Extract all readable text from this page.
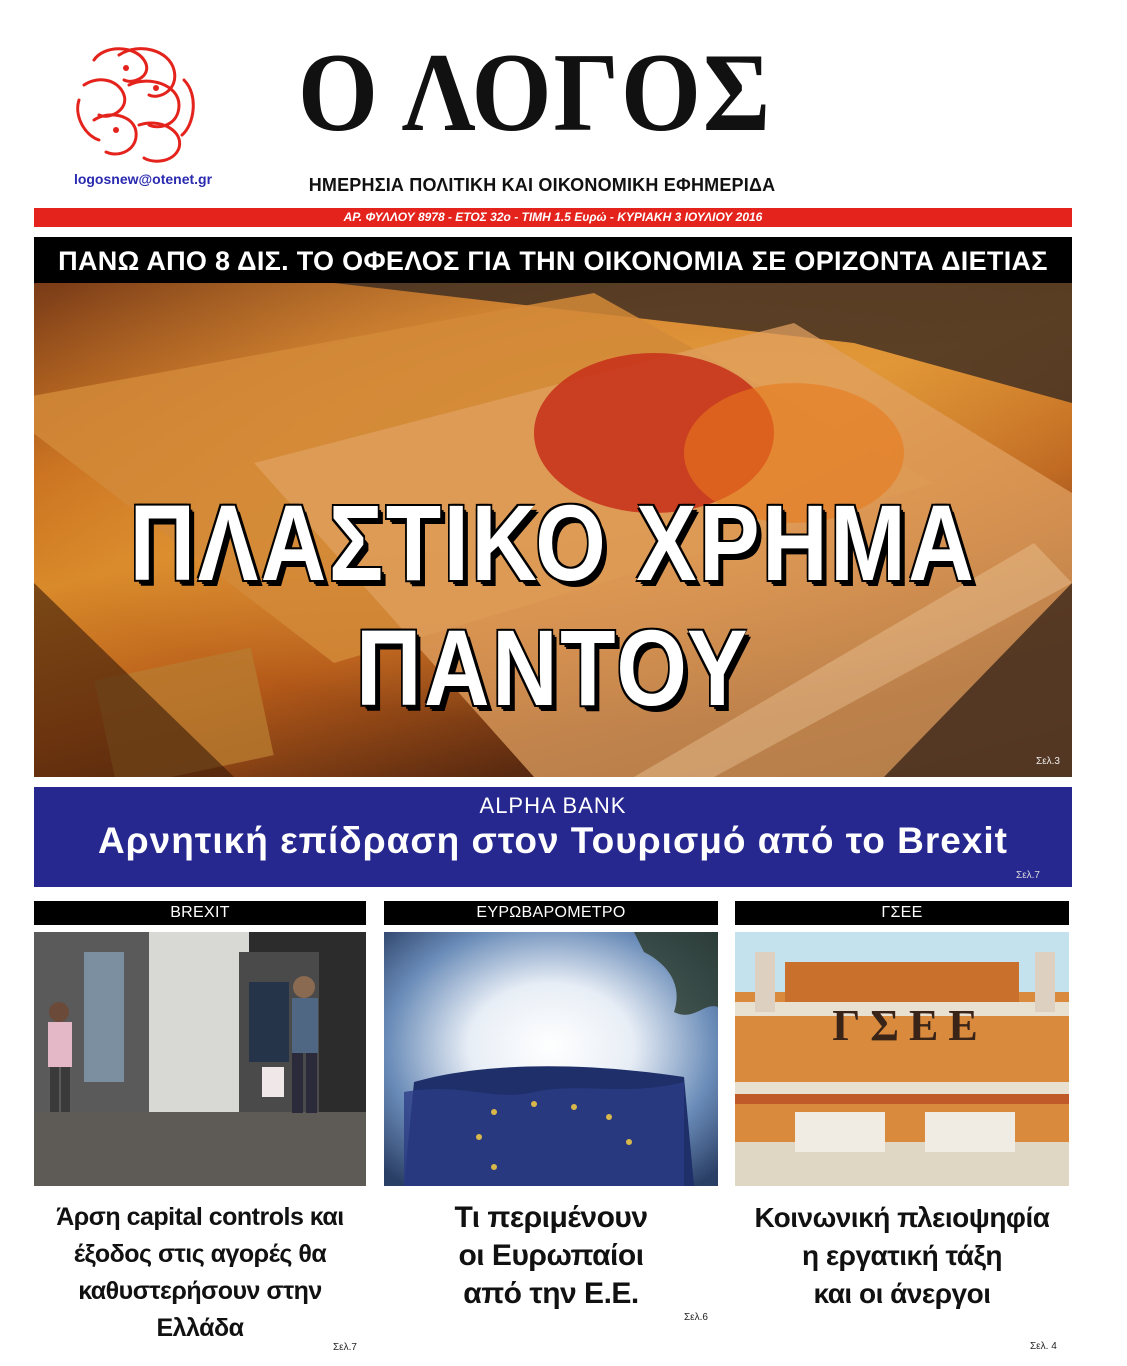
logosnew@otenet.gr
Ο ΛΟΓΟΣ
ΗΜΕΡΗΣΙΑ ΠΟΛΙΤΙΚΗ ΚΑΙ ΟΙΚΟΝΟΜΙΚΗ ΕΦΗΜΕΡΙΔΑ
ΑΡ. ΦΥΛΛΟΥ 8978 - ΕΤΟΣ 32ο - ΤΙΜΗ 1.5 Ευρώ - ΚΥΡΙΑΚΗ 3 ΙΟΥΛΙΟΥ 2016
ΠΑΝΩ ΑΠΟ 8 ΔΙΣ. ΤΟ ΟΦΕΛΟΣ ΓΙΑ ΤΗΝ ΟΙΚΟΝΟΜΙΑ ΣΕ ΟΡΙΖΟΝΤΑ ΔΙΕΤΙΑΣ
ΠΛΑΣΤΙΚΟ ΧΡΗΜΑ
ΠΑΝΤΟΥ
Σελ.3
ALPHA BANK
Αρνητική επίδραση στον Τουρισμό από το Brexit
Σελ.7
BREXIT
Άρση capital controls και
έξοδος στις αγορές θα
καθυστερήσουν στην Ελλάδα
Σελ.7
ΕΥΡΩΒΑΡΟΜΕΤΡΟ
Τι περιμένουν
οι Ευρωπαίοι
από την Ε.Ε.
Σελ.6
ΓΣΕΕ
ΓΣΕΕ
Κοινωνική πλειοψηφία
η εργατική τάξη
και οι άνεργοι
Σελ. 4
